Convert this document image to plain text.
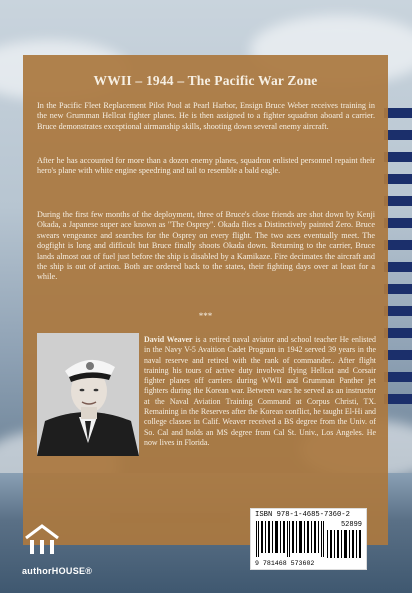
WWII – 1944 – The Pacific War Zone
In the Pacific Fleet Replacement Pilot Pool at Pearl Harbor, Ensign Bruce Weber receives training in the new Grumman Hellcat fighter planes. He is then assigned to a fighter squadron aboard a carrier. Bruce demonstrates exceptional airmanship skills, shooting down several enemy aircraft.
After he has accounted for more than a dozen enemy planes, squadron enlisted personnel repaint their hero's plane with white engine speedring and tail to resemble a bald eagle.
During the first few months of the deployment, three of Bruce's close friends are shot down by Kenji Okada, a Japanese super ace known as "The Osprey". Okada flies a Distinctively painted Zero. Bruce swears vengeance and searches for the Osprey on every flight. The two aces eventually meet. The dogfight is long and difficult but Bruce finally shoots Okada down. Returning to the carrier, Bruce lands almost out of fuel just before the ship is disabled by a Kamikaze. Fire decimates the aircraft and the ship is out of action. Both are ordered back to the states, their fighting days over at least for a while.
***
David Weaver is a retired naval aviator and school teacher He enlisted in the Navy V-5 Avaition Cadet Program in 1942 served 39 years in the naval reserve and retired with the rank of commander.. After flight training his tours of active duty involved flying Hellcat and Corsair fighter planes off carriers during WWII and Grumman Panther jet fighters during the Korean war. Between wars he served as an instructor at the Naval Aviation Training Command at Corpus Christi, TX. Remaining in the Reserves after the Korean conflict, he taught El-Hi and college classes in Calif. Weaver received a BS degree from the Univ. of So. Cal and holds an MS degree from Cal St. Univ., Los Angeles. He now lives in Florida.
ISBN 978-1-4685-7360-2
52899
9 781468 573602
authorHOUSE®
